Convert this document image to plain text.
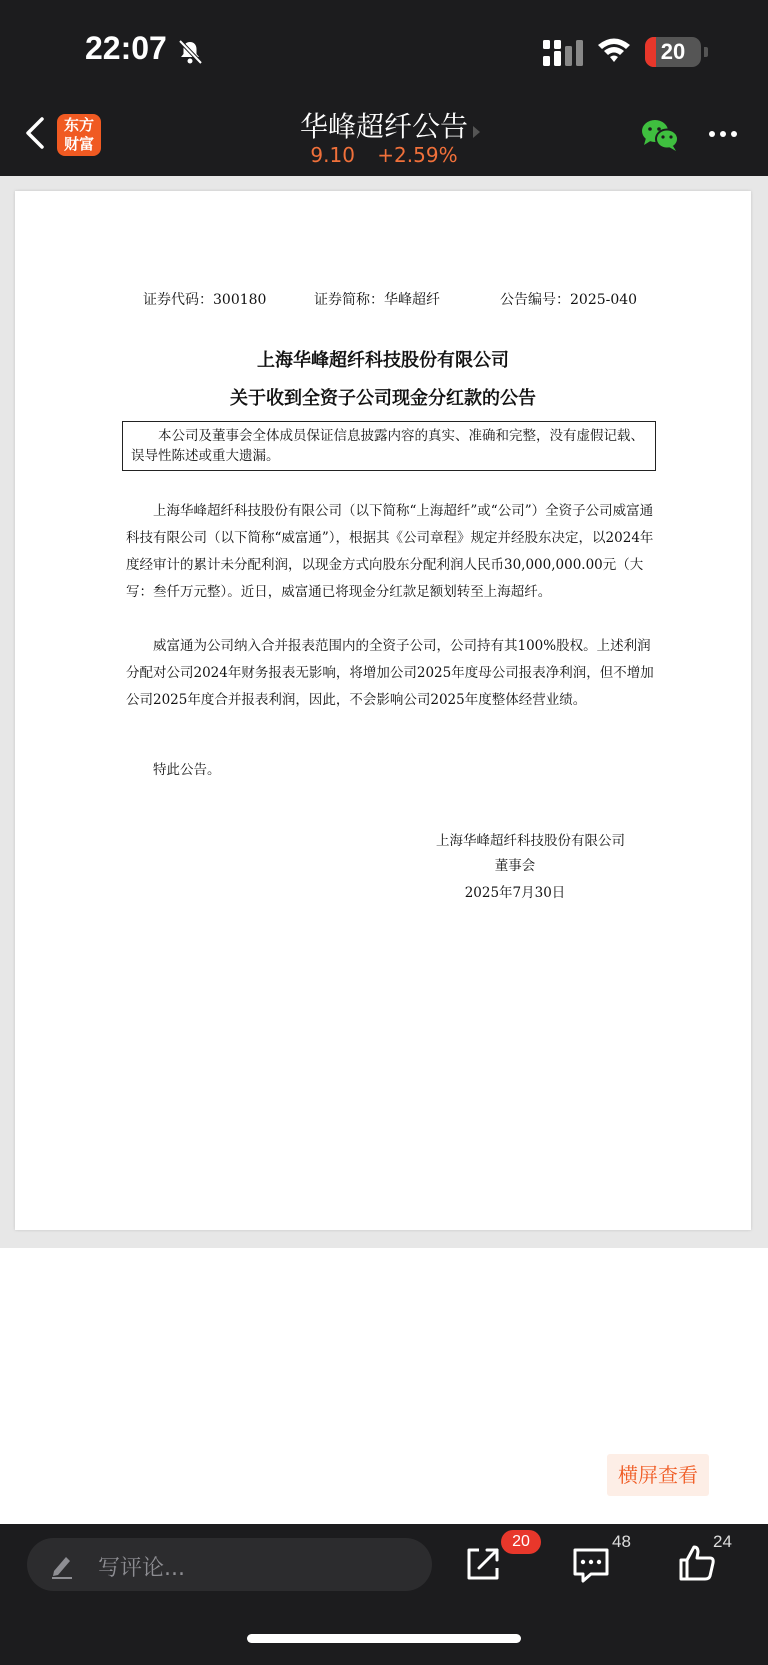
22:07	20
东方
财富
华峰超纤公告
9.10 +2.59%
证券代码：300180	证券简称：华峰超纤	公告编号：2025-040
上海华峰超纤科技股份有限公司
关于收到全资子公司现金分红款的公告
本公司及董事会全体成员保证信息披露内容的真实、准确和完整，没有虚假记载、误导性陈述或重大遗漏。
上海华峰超纤科技股份有限公司（以下简称“上海超纤”或“公司”）全资子公司威富通科技有限公司（以下简称“威富通”），根据其《公司章程》规定并经股东决定，以2024年度经审计的累计未分配利润，以现金方式向股东分配利润人民币30,000,000.00元（大写：叁仟万元整）。近日，威富通已将现金分红款足额划转至上海超纤。
威富通为公司纳入合并报表范围内的全资子公司，公司持有其100%股权。上述利润分配对公司2024年财务报表无影响，将增加公司2025年度母公司报表净利润，但不增加公司2025年度合并报表利润，因此，不会影响公司2025年度整体经营业绩。
特此公告。
上海华峰超纤科技股份有限公司
董事会
2025年7月30日
横屏查看
写评论...
20	48	24
